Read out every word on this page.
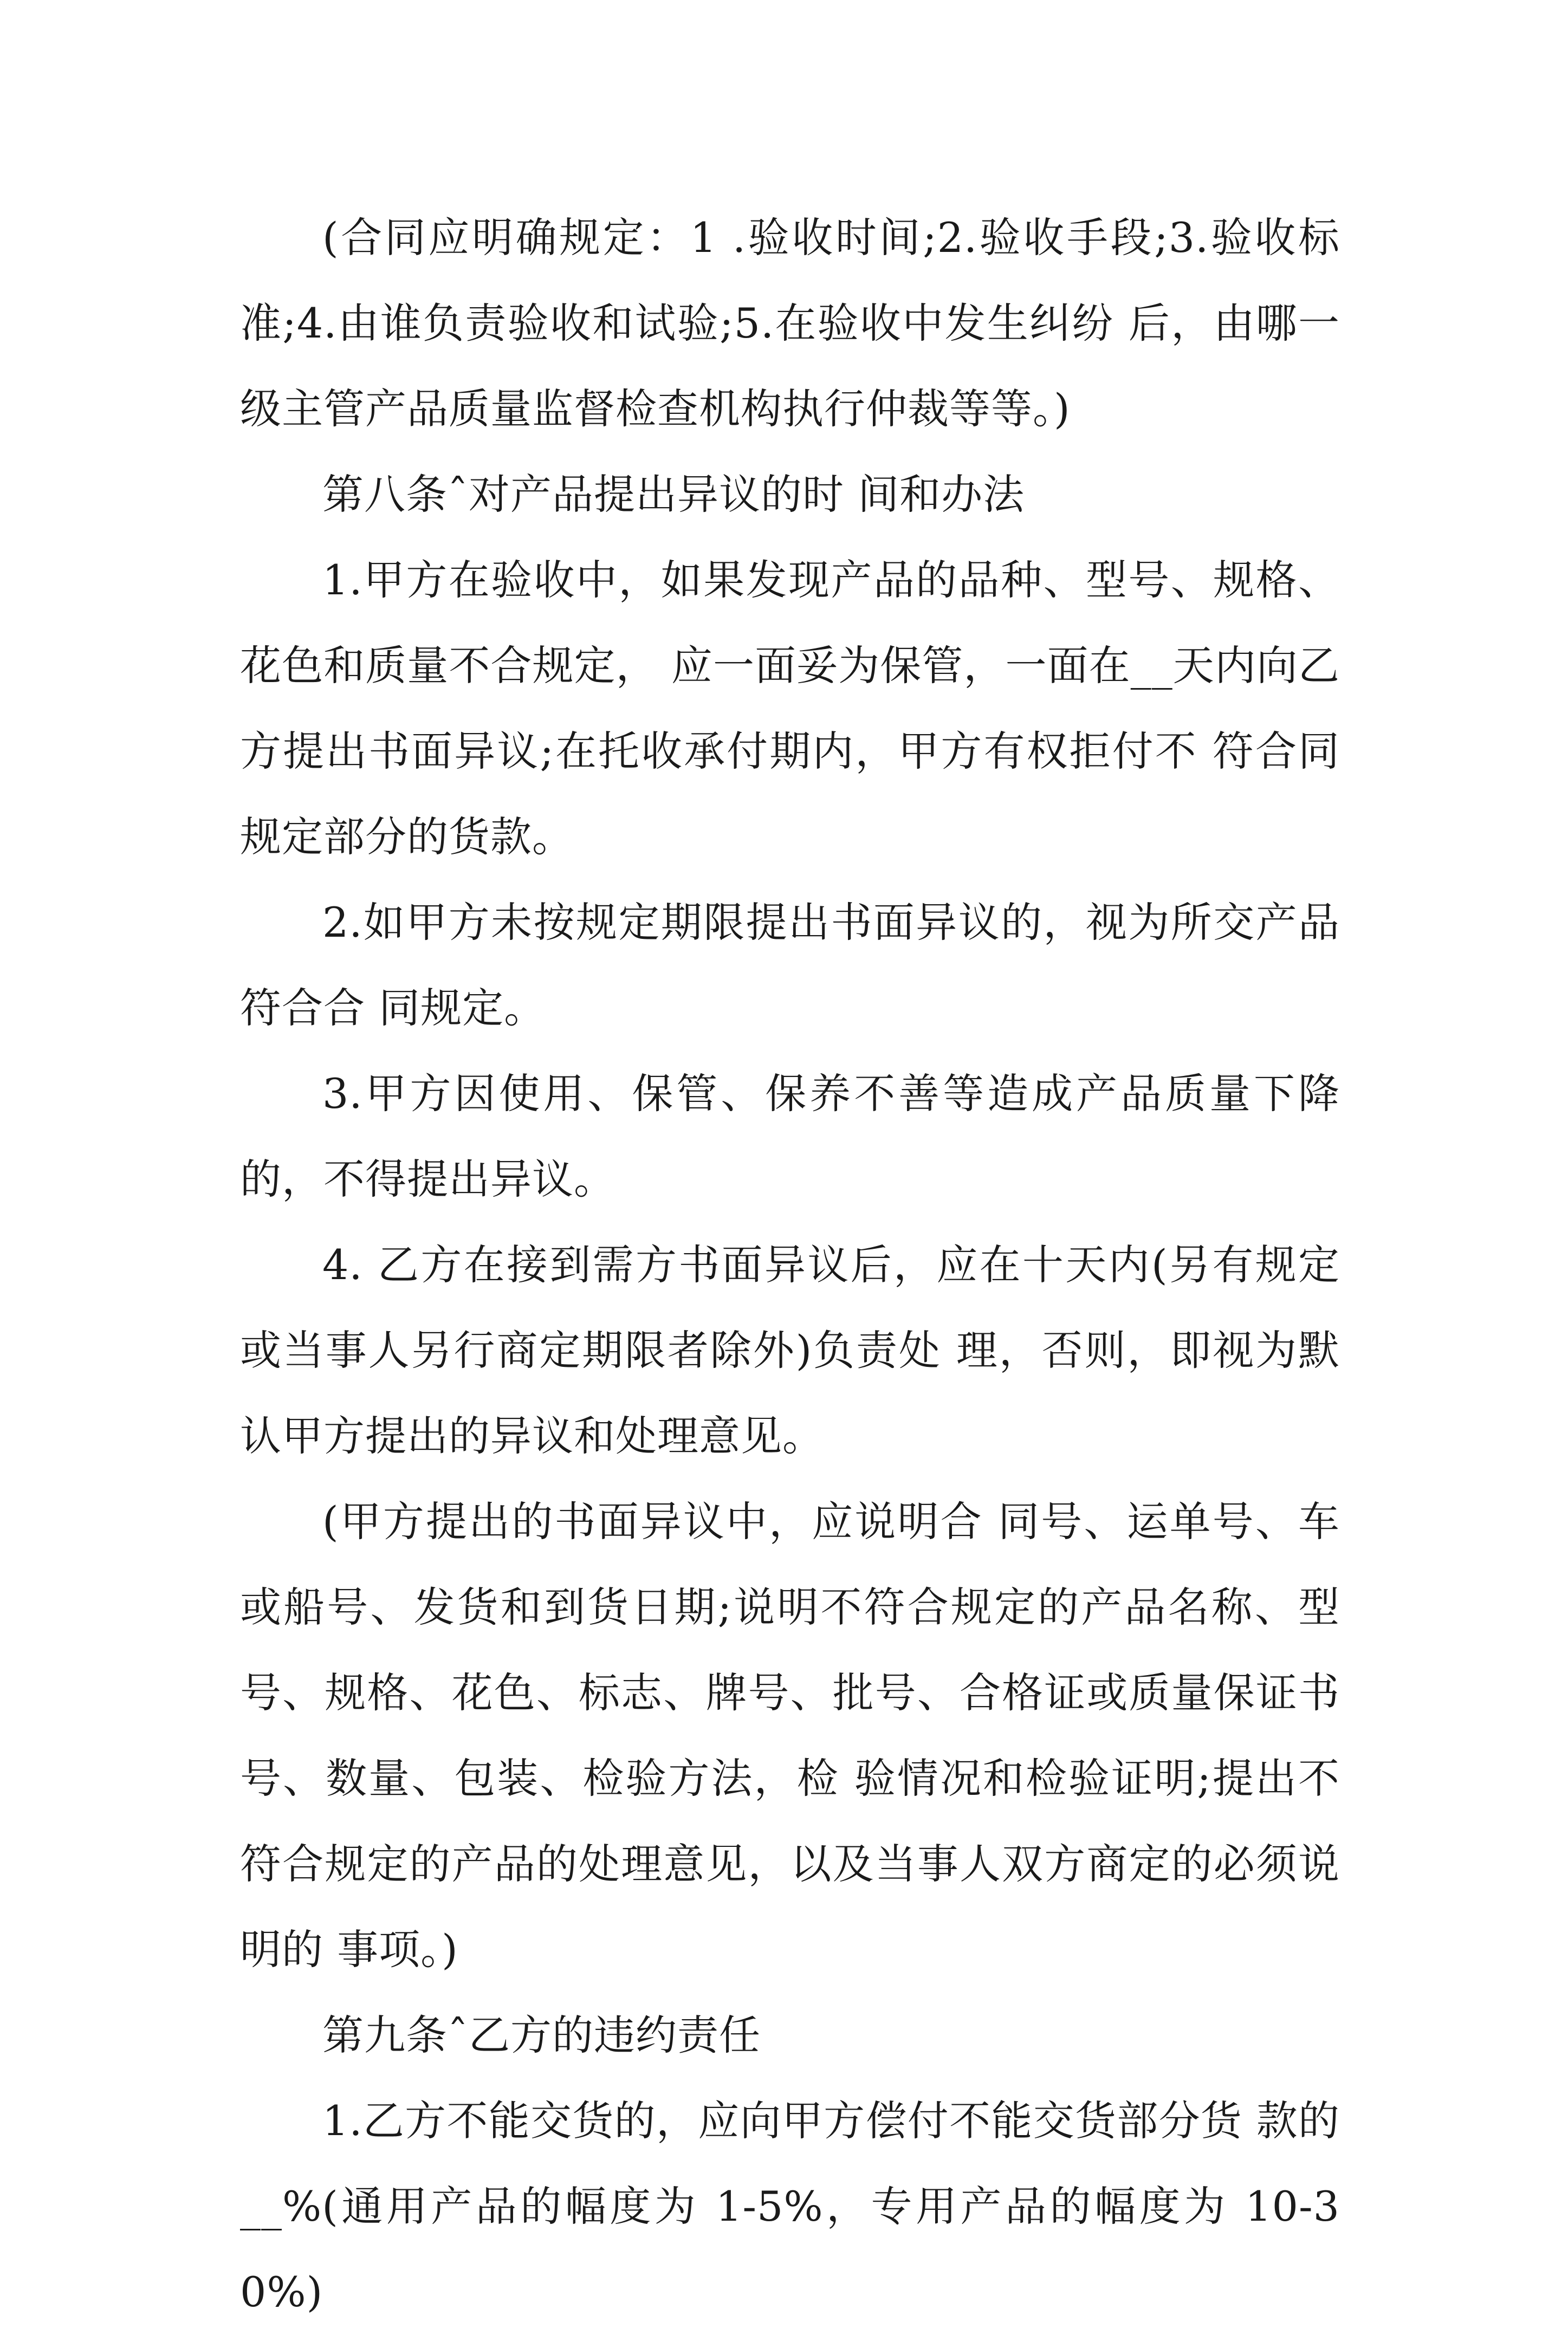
(合同应明确规定：1 .验收时间;2.验收手段;3.验收标准;4.由谁负责验收和试验;5.在验收中发生纠纷 后，由哪一级主管产品质量监督检查机构执行仲裁等等。)

第八条ˆ对产品提出异议的时 间和办法

1.甲方在验收中，如果发现产品的品种、型号、规格、花色和质量不合规定， 应一面妥为保管，一面在__天内向乙方提出书面异议;在托收承付期内，甲方有权拒付不 符合同规定部分的货款。

2.如甲方未按规定期限提出书面异议的，视为所交产品符合合 同规定。

3.甲方因使用、保管、保养不善等造成产品质量下降的，不得提出异议。

4. 乙方在接到需方书面异议后，应在十天内(另有规定或当事人另行商定期限者除外)负责处 理，否则，即视为默认甲方提出的异议和处理意见。

(甲方提出的书面异议中，应说明合 同号、运单号、车或船号、发货和到货日期;说明不符合规定的产品名称、型号、规格、花色、标志、牌号、批号、合格证或质量保证书号、数量、包装、检验方法，检 验情况和检验证明;提出不符合规定的产品的处理意见，以及当事人双方商定的必须说明的 事项。)

第九条ˆ乙方的违约责任

1.乙方不能交货的，应向甲方偿付不能交货部分货 款的__%(通用产品的幅度为 1-5%，专用产品的幅度为 10-30%)
